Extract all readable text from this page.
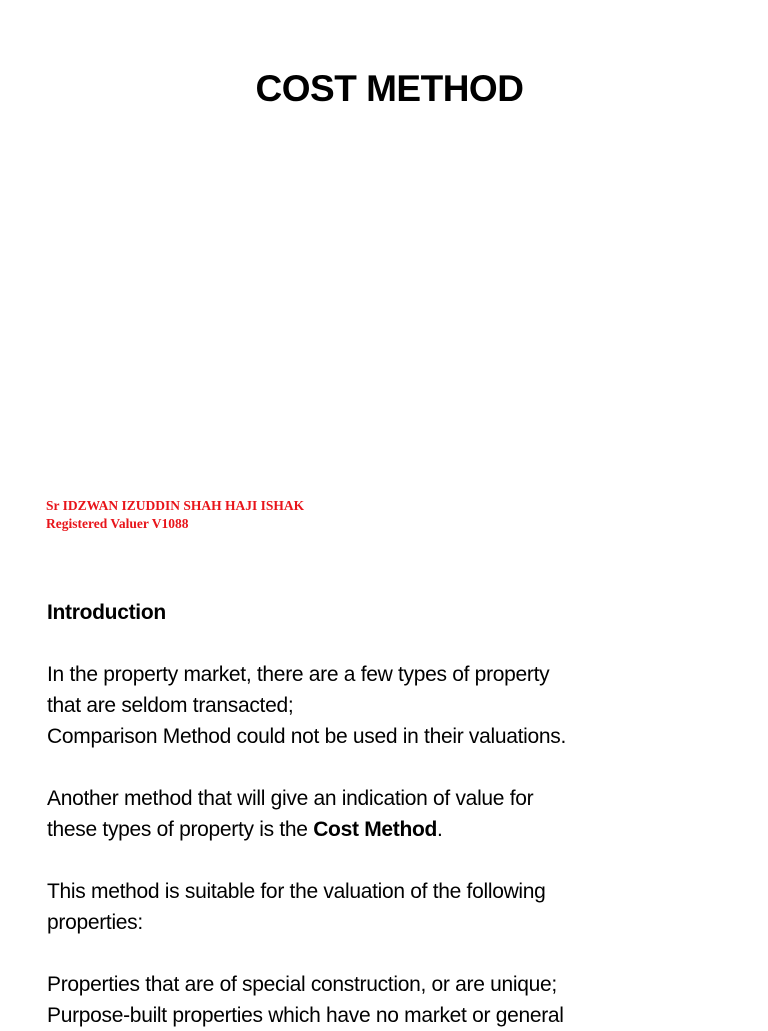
COST METHOD
Sr IDZWAN IZUDDIN SHAH HAJI ISHAK
Registered Valuer V1088

Introduction

In the property market, there are a few types of property

that are seldom transacted;

Comparison Method could not be used in their valuations.

Another method that will give an indication of value for

these types of property is the Cost Method.

This method is suitable for the valuation of the following

properties:

Properties that are of special construction, or are unique;

Purpose-built properties which have no market or general
